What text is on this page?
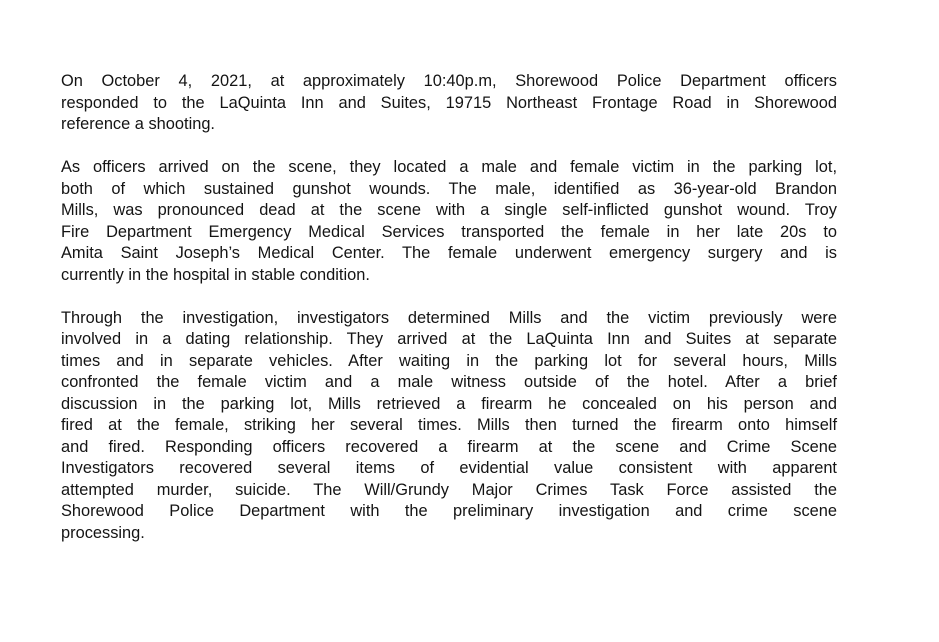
On October 4, 2021, at approximately 10:40p.m, Shorewood Police Department officers
responded to the LaQuinta Inn and Suites, 19715 Northeast Frontage Road in Shorewood
reference a shooting.
As officers arrived on the scene, they located a male and female victim in the parking lot,
both of which sustained gunshot wounds. The male, identified as 36-year-old Brandon
Mills, was pronounced dead at the scene with a single self-inflicted gunshot wound. Troy
Fire Department Emergency Medical Services transported the female in her late 20s to
Amita Saint Joseph’s Medical Center. The female underwent emergency surgery and is
currently in the hospital in stable condition.
Through the investigation, investigators determined Mills and the victim previously were
involved in a dating relationship. They arrived at the LaQuinta Inn and Suites at separate
times and in separate vehicles. After waiting in the parking lot for several hours, Mills
confronted the female victim and a male witness outside of the hotel. After a brief
discussion in the parking lot, Mills retrieved a firearm he concealed on his person and
fired at the female, striking her several times. Mills then turned the firearm onto himself
and fired. Responding officers recovered a firearm at the scene and Crime Scene
Investigators recovered several items of evidential value consistent with apparent
attempted murder, suicide. The Will/Grundy Major Crimes Task Force assisted the
Shorewood Police Department with the preliminary investigation and crime scene
processing.
